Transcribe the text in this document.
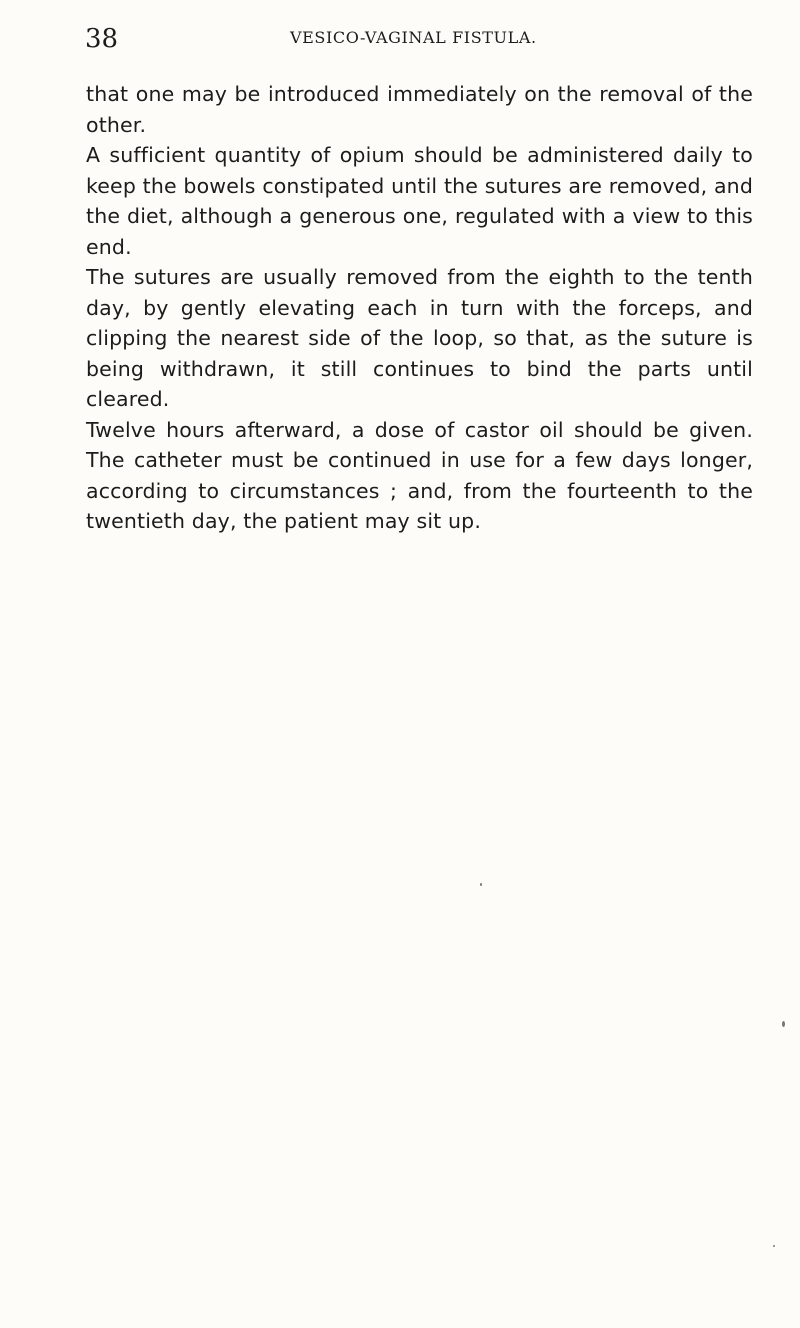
38	VESICO-VAGINAL FISTULA.

that one may be introduced immediately on the removal of the other.

A sufficient quantity of opium should be administered daily to keep the bowels constipated until the sutures are removed, and the diet, although a generous one, regulated with a view to this end.

The sutures are usually removed from the eighth to the tenth day, by gently elevating each in turn with the forceps, and clipping the nearest side of the loop, so that, as the suture is being withdrawn, it still continues to bind the parts until cleared.

Twelve hours afterward, a dose of castor oil should be given. The catheter must be continued in use for a few days longer, according to circumstances ; and, from the fourteenth to the twentieth day, the patient may sit up.
